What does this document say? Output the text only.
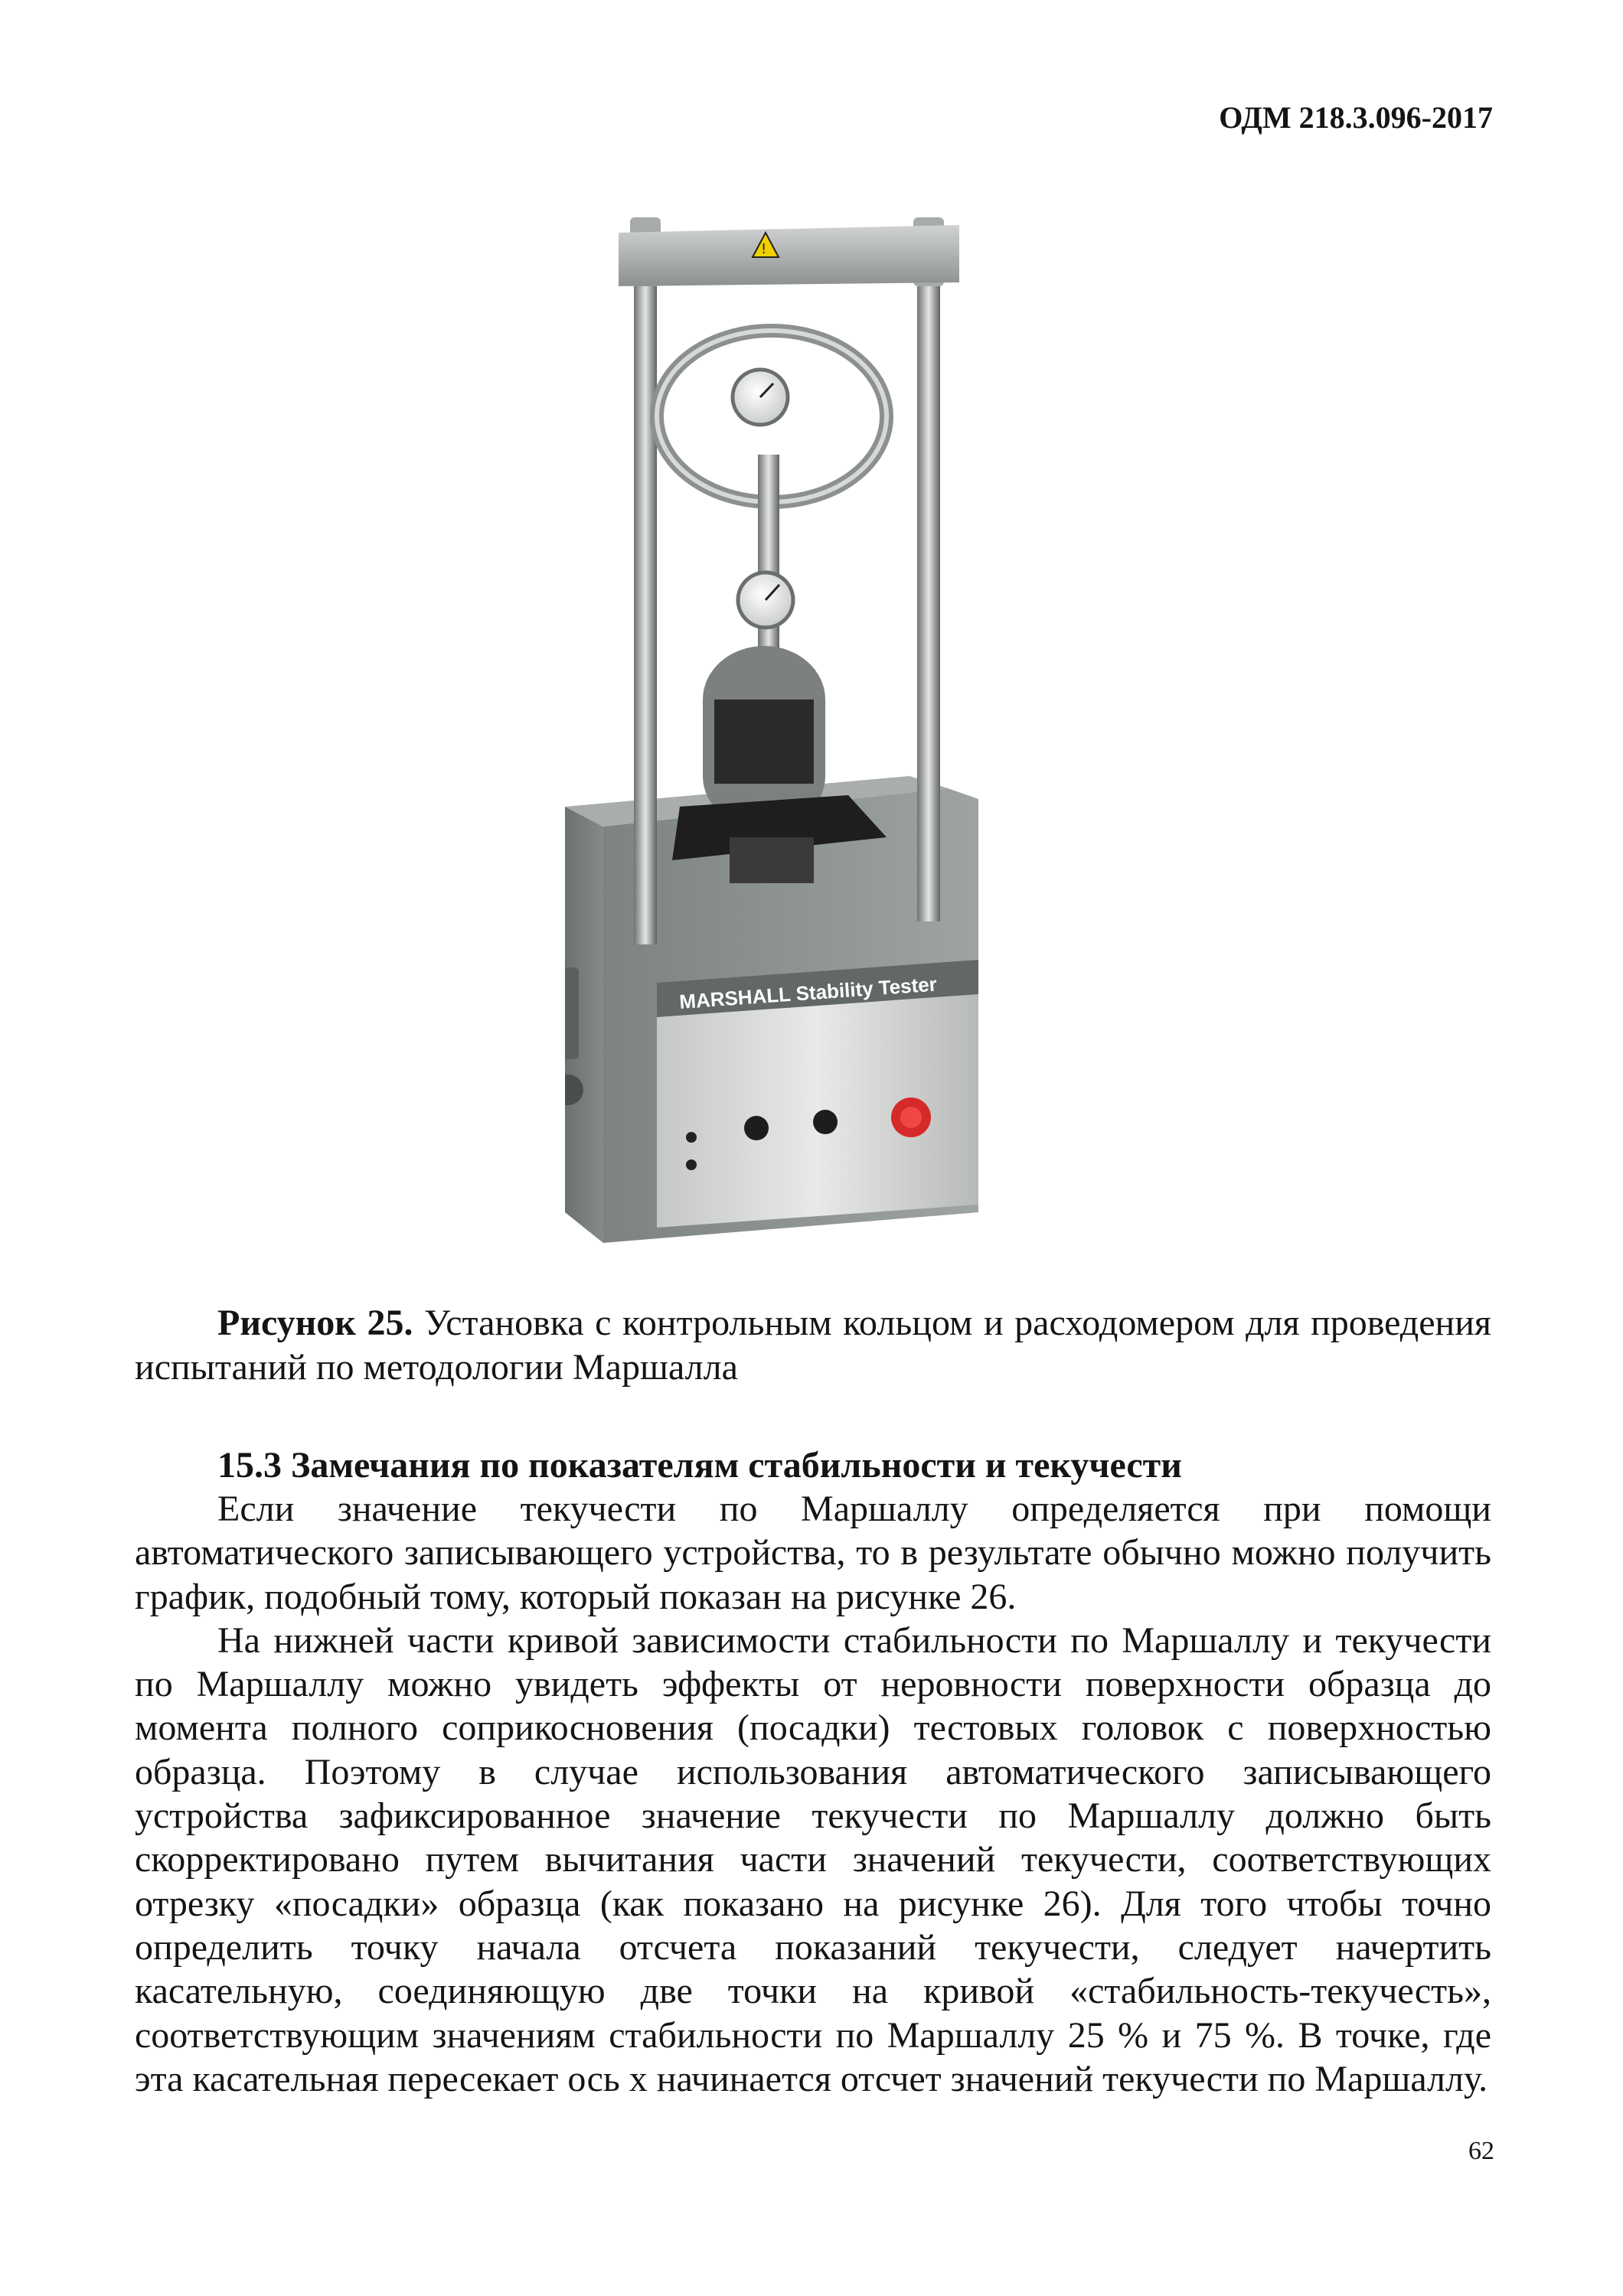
ОДМ 218.3.096-2017
MARSHALL Stability Tester
!
Рисунок 25. Установка с контрольным кольцом и расходомером для проведения испытаний по методологии Маршалла
15.3 Замечания по показателям стабильности и текучести

Если значение текучести по Маршаллу определяется при помощи автоматического записывающего устройства, то в результате обычно можно получить график, подобный тому, который показан на рисунке 26.

На нижней части кривой зависимости стабильности по Маршаллу и текучести по Маршаллу можно увидеть эффекты от неровности поверхности образца до момента полного соприкосновения (посадки) тестовых головок с поверхностью образца. Поэтому в случае использования автоматического записывающего устройства зафиксированное значение текучести по Маршаллу должно быть скорректировано путем вычитания части значений текучести, соответствующих отрезку «посадки» образца (как показано на рисунке 26). Для того чтобы точно определить точку начала отсчета показаний текучести, следует начертить касательную, соединяющую две точки на кривой «стабильность-текучесть», соответствующим значениям стабильности по Маршаллу 25 % и 75 %. В точке, где эта касательная пересекает ось x начинается отсчет значений текучести по Маршаллу.

62
